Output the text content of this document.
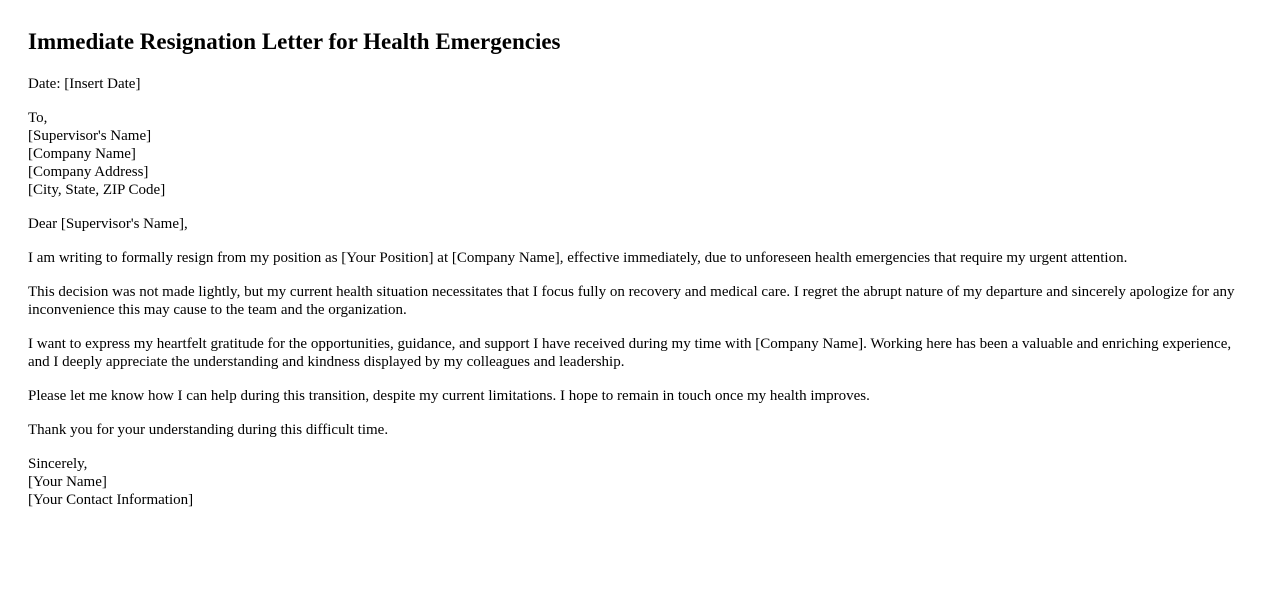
Immediate Resignation Letter for Health Emergencies
Date: [Insert Date]
To,
[Supervisor's Name]
[Company Name]
[Company Address]
[City, State, ZIP Code]

Dear [Supervisor's Name],

I am writing to formally resign from my position as [Your Position] at [Company Name], effective immediately, due to unforeseen health emergencies that require my urgent attention.

This decision was not made lightly, but my current health situation necessitates that I focus fully on recovery and medical care. I regret the abrupt nature of my departure and sincerely apologize for any inconvenience this may cause to the team and the organization.

I want to express my heartfelt gratitude for the opportunities, guidance, and support I have received during my time with [Company Name]. Working here has been a valuable and enriching experience, and I deeply appreciate the understanding and kindness displayed by my colleagues and leadership.

Please let me know how I can help during this transition, despite my current limitations. I hope to remain in touch once my health improves.

Thank you for your understanding during this difficult time.

Sincerely,
[Your Name]
[Your Contact Information]
